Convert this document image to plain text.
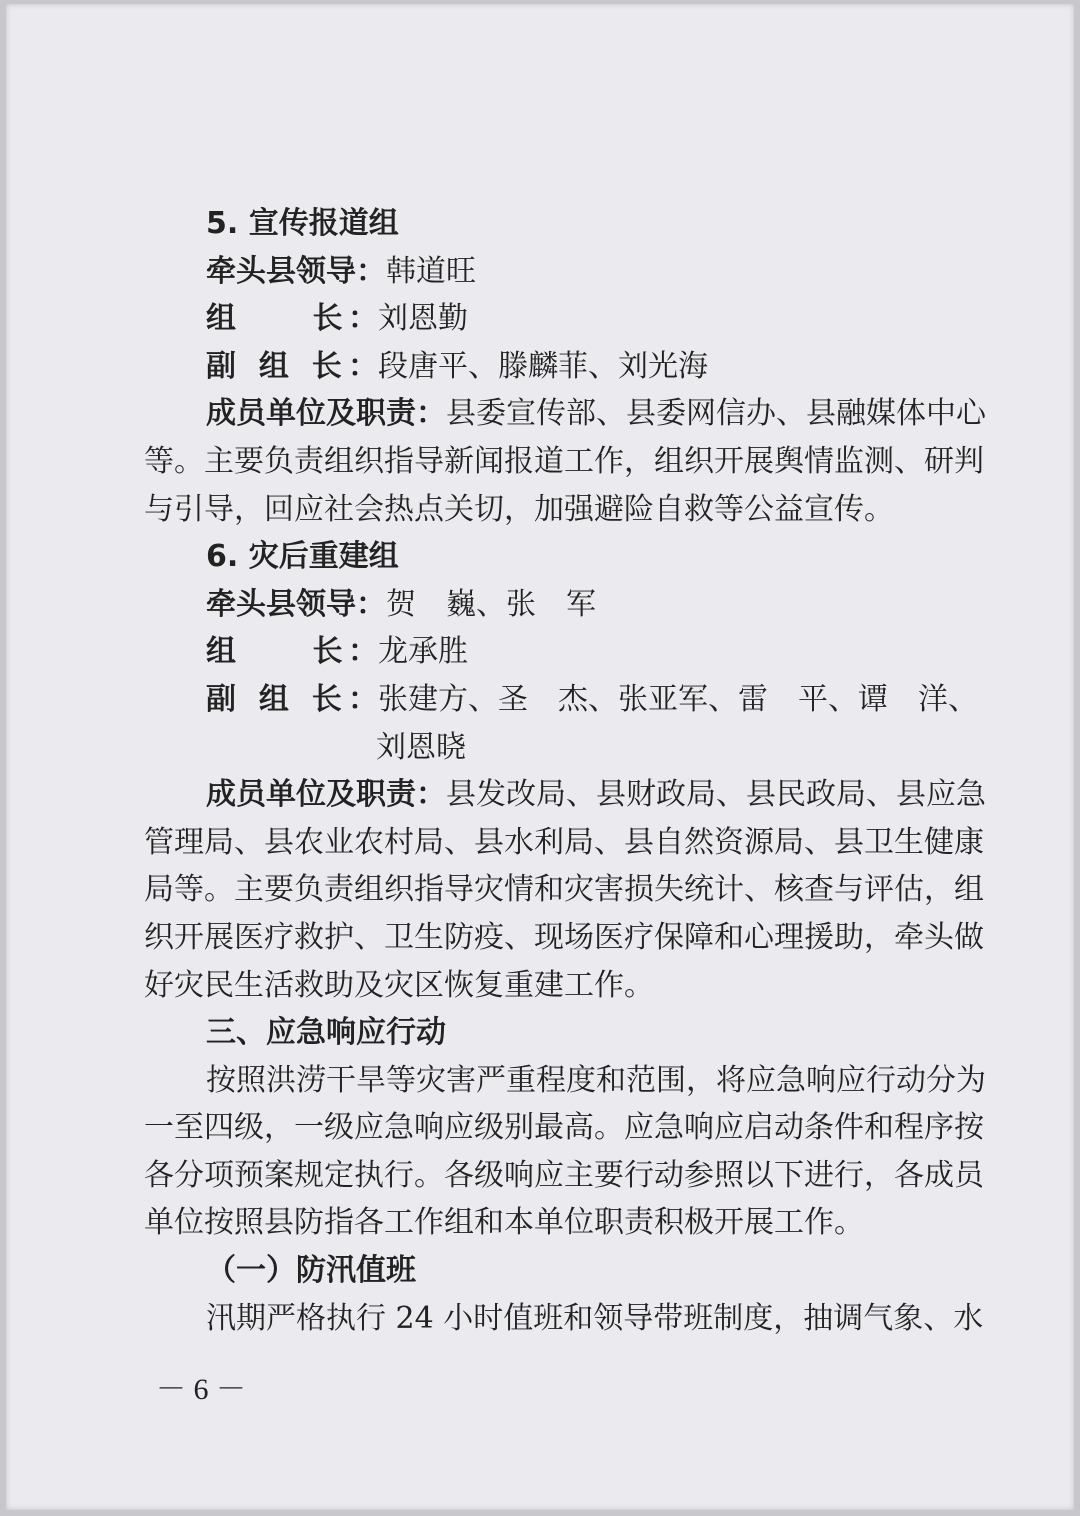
5. 宣传报道组
牵头县领导：韩道旺
组　　长：刘恩勤
副 组 长：段唐平、滕麟菲、刘光海
成员单位及职责：县委宣传部、县委网信办、县融媒体中心
等。主要负责组织指导新闻报道工作，组织开展舆情监测、研判
与引导，回应社会热点关切，加强避险自救等公益宣传。
6. 灾后重建组
牵头县领导：贺　巍、张　军
组　　长：龙承胜
副 组 长：张建方、圣　杰、张亚军、雷　平、谭　洋、
刘恩晓
成员单位及职责：县发改局、县财政局、县民政局、县应急
管理局、县农业农村局、县水利局、县自然资源局、县卫生健康
局等。主要负责组织指导灾情和灾害损失统计、核查与评估，组
织开展医疗救护、卫生防疫、现场医疗保障和心理援助，牵头做
好灾民生活救助及灾区恢复重建工作。
三、应急响应行动
按照洪涝干旱等灾害严重程度和范围，将应急响应行动分为
一至四级，一级应急响应级别最高。应急响应启动条件和程序按
各分项预案规定执行。各级响应主要行动参照以下进行，各成员
单位按照县防指各工作组和本单位职责积极开展工作。
（一）防汛值班
汛期严格执行 24 小时值班和领导带班制度，抽调气象、水
－ 6 －
